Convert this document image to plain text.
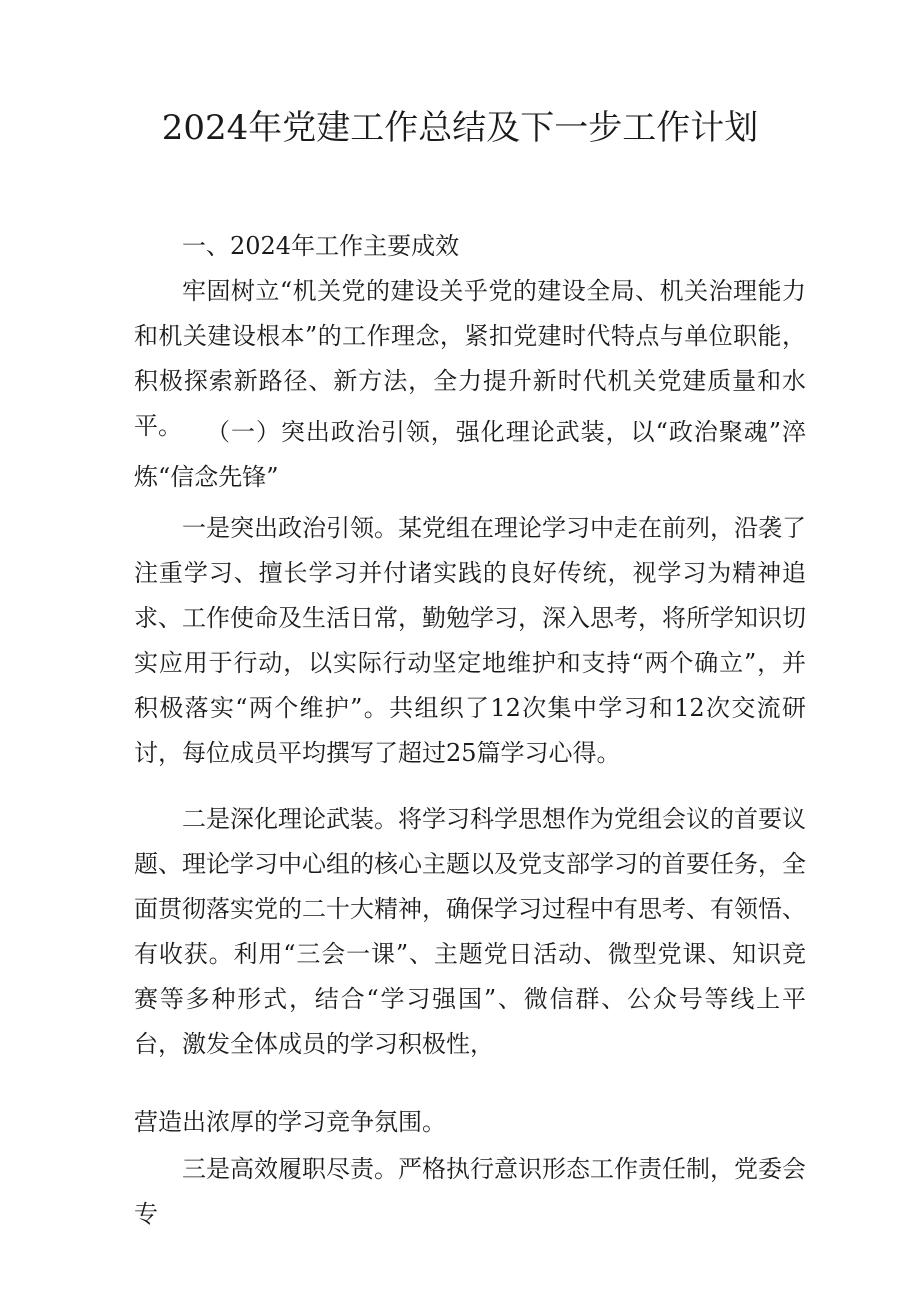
2024年党建工作总结及下一步工作计划

一、2024年工作主要成效

牢固树立“机关党的建设关乎党的建设全局、机关治理能力和机关建设根本”的工作理念，紧扣党建时代特点与单位职能，积极探索新路径、新方法，全力提升新时代机关党建质量和水平。	（一）突出政治引领，强化理论武装，以“政治聚魂”淬炼“信念先锋”

一是突出政治引领。某党组在理论学习中走在前列，沿袭了注重学习、擅长学习并付诸实践的良好传统，视学习为精神追求、工作使命及生活日常，勤勉学习，深入思考，将所学知识切实应用于行动，以实际行动坚定地维护和支持“两个确立”，并积极落实“两个维护”。共组织了12次集中学习和12次交流研讨，每位成员平均撰写了超过25篇学习心得。

二是深化理论武装。将学习科学思想作为党组会议的首要议题、理论学习中心组的核心主题以及党支部学习的首要任务，全面贯彻落实党的二十大精神，确保学习过程中有思考、有领悟、有收获。利用“三会一课”、主题党日活动、微型党课、知识竞赛等多种形式，结合“学习强国”、微信群、公众号等线上平台，激发全体成员的学习积极性，

营造出浓厚的学习竞争氛围。

三是高效履职尽责。严格执行意识形态工作责任制，党委会专
